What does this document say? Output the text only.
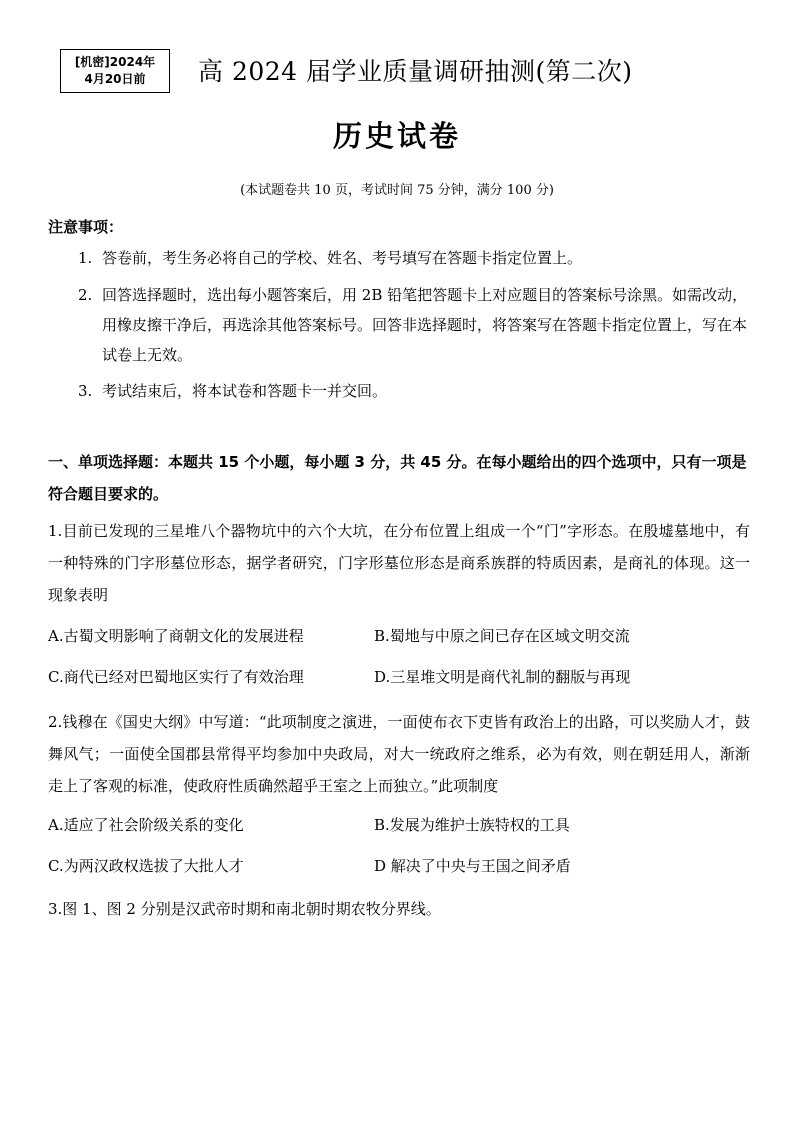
[机密]2024年
4月20日前	高 2024 届学业质量调研抽测(第二次)
历史试卷
(本试题卷共 10 页，考试时间 75 分钟，满分 100 分)
注意事项：
1. 答卷前，考生务必将自己的学校、姓名、考号填写在答题卡指定位置上。
2. 回答选择题时，选出每小题答案后，用 2B 铅笔把答题卡上对应题目的答案标号涂黑。如需改动，用橡皮擦干净后，再选涂其他答案标号。回答非选择题时，将答案写在答题卡指定位置上，写在本试卷上无效。
3. 考试结束后，将本试卷和答题卡一并交回。
一、单项选择题：本题共 15 个小题，每小题 3 分，共 45 分。在每小题给出的四个选项中，只有一项是符合题目要求的。
1.目前已发现的三星堆八个器物坑中的六个大坑，在分布位置上组成一个“门”字形态。在殷墟墓地中，有一种特殊的门字形墓位形态，据学者研究，门字形墓位形态是商系族群的特质因素，是商礼的体现。这一现象表明
A.古蜀文明影响了商朝文化的发展进程	B.蜀地与中原之间已存在区域文明交流
C.商代已经对巴蜀地区实行了有效治理	D.三星堆文明是商代礼制的翻版与再现
2.钱穆在《国史大纲》中写道：“此项制度之演进，一面使布衣下吏皆有政治上的出路，可以奖励人才，鼓舞风气；一面使全国郡县常得平均参加中央政局，对大一统政府之维系，必为有效，则在朝廷用人，渐渐走上了客观的标准，使政府性质确然超乎王室之上而独立。”此项制度
A.适应了社会阶级关系的变化	B.发展为维护士族特权的工具
C.为两汉政权选拔了大批人才	D 解决了中央与王国之间矛盾
3.图 1、图 2 分别是汉武帝时期和南北朝时期农牧分界线。
